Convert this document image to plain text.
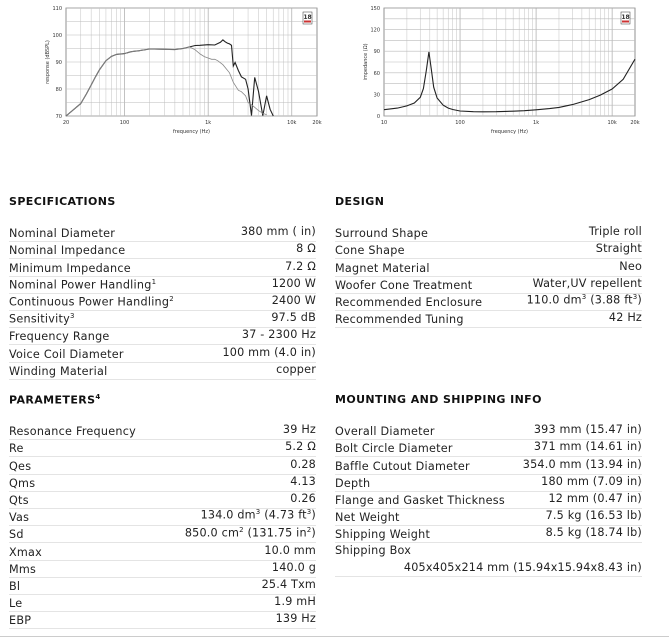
70
80
90
100
110
20	100	1k	10k	20k
frequency (Hz)
response (dBSPL)
18
0
30
60
90
120
150
10	100	1k	10k	20k
frequency (Hz)
impedance (Ω)
18
SPECIFICATIONS
Nominal Diameter	380 mm ( in)
Nominal Impedance	8 Ω
Minimum Impedance	7.2 Ω
Nominal Power Handling$^1$	1200 W
Continuous Power Handling$^2$	2400 W
Sensitivity$^3$	97.5 dB
Frequency Range	37 - 2300 Hz
Voice Coil Diameter	100 mm (4.0 in)
Winding Material	copper
DESIGN
Surround Shape	Triple roll
Cone Shape	Straight
Magnet Material	Neo
Woofer Cone Treatment	Water,UV repellent
Recommended Enclosure	110.0 $dm^3$ (3.88 $ft^3$)
Recommended Tuning	42 Hz
PARAMETERS$^4$
Resonance Frequency	39 Hz
Re	5.2 Ω
Qes	0.28
Qms	4.13
Qts	0.26
Vas	134.0 $dm^3$ (4.73 $ft^3$)
Sd	850.0 $cm^2$ (131.75 $in^2$)
Xmax	10.0 mm
Mms	140.0 g
Bl	25.4 Txm
Le	1.9 mH
EBP	139 Hz
MOUNTING AND SHIPPING INFO
Overall Diameter	393 mm (15.47 in)
Bolt Circle Diameter	371 mm (14.61 in)
Baffle Cutout Diameter	354.0 mm (13.94 in)
Depth	180 mm (7.09 in)
Flange and Gasket Thickness	12 mm (0.47 in)
Net Weight	7.5 kg (16.53 lb)
Shipping Weight	8.5 kg (18.74 lb)
Shipping Box
405x405x214 mm (15.94x15.94x8.43 in)
